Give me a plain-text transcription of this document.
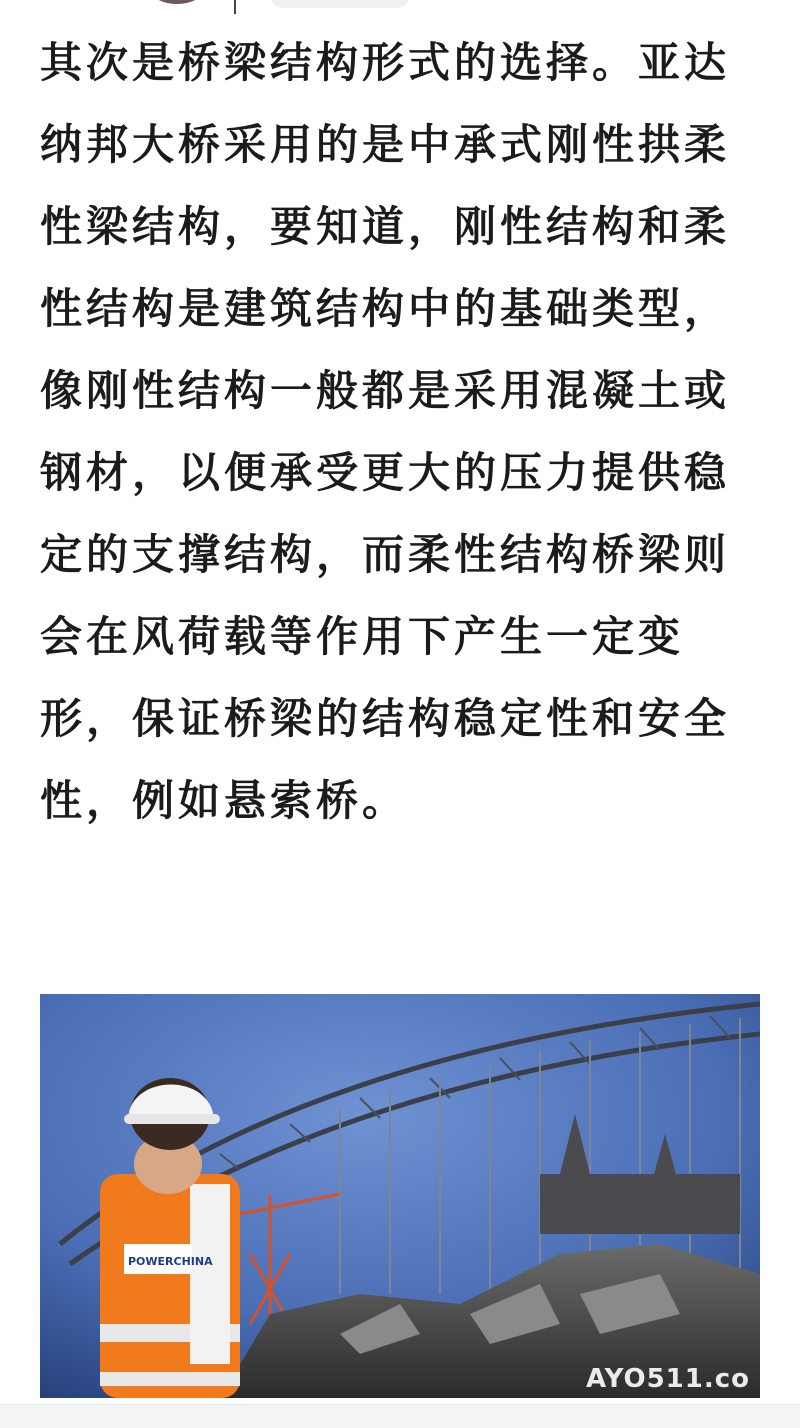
其次是桥梁结构形式的选择。亚达纳邦大桥采用的是中承式刚性拱柔性梁结构，要知道，刚性结构和柔性结构是建筑结构中的基础类型，像刚性结构一般都是采用混凝土或钢材，以便承受更大的压力提供稳定的支撑结构，而柔性结构桥梁则会在风荷载等作用下产生一定变形，保证桥梁的结构稳定性和安全性，例如悬索桥。
POWERCHINA
AYO511.co
